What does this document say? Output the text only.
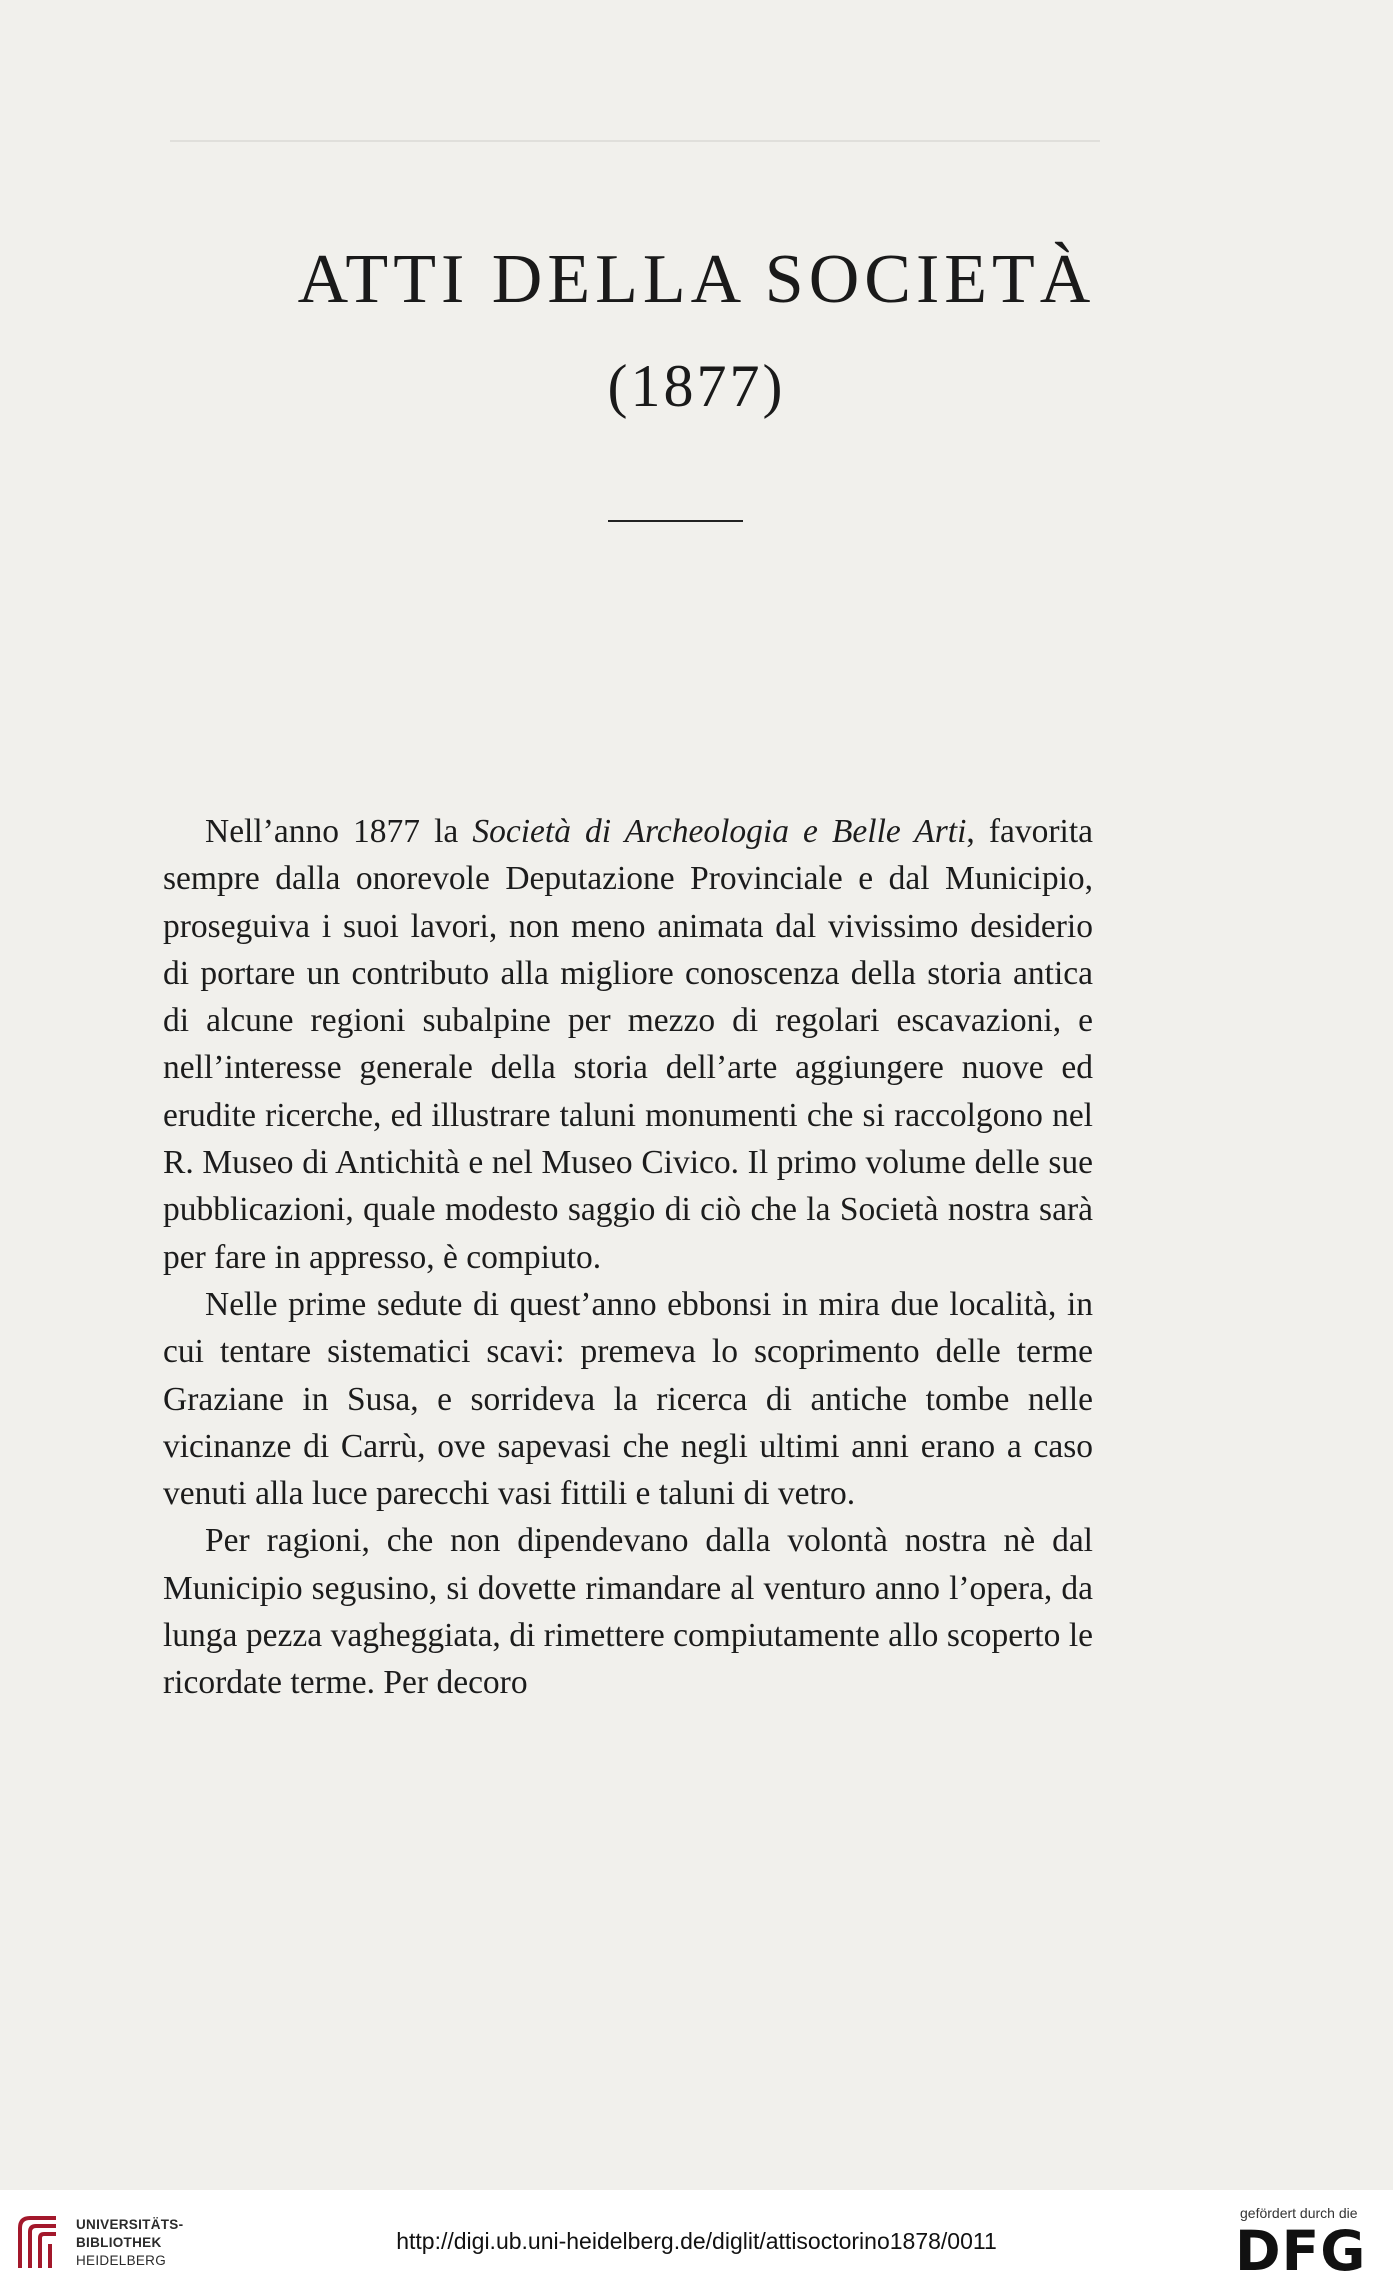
ATTI DELLA SOCIETÀ
(1877)

Nell’anno 1877 la Società di Archeologia e Belle Arti, favorita sempre dalla onorevole Deputazione Provinciale e dal Municipio, proseguiva i suoi lavori, non meno animata dal vivissimo desiderio di portare un contributo alla migliore conoscenza della storia antica di alcune regioni subalpine per mezzo di regolari escavazioni, e nell’interesse generale della storia dell’arte aggiungere nuove ed erudite ricerche, ed illustrare taluni monumenti che si raccolgono nel R. Museo di Antichità e nel Museo Civico. Il primo volume delle sue pubblicazioni, quale modesto saggio di ciò che la Società nostra sarà per fare in appresso, è compiuto.

Nelle prime sedute di quest’anno ebbonsi in mira due località, in cui tentare sistematici scavi: premeva lo scoprimento delle terme Graziane in Susa, e sorrideva la ricerca di antiche tombe nelle vicinanze di Carrù, ove sapevasi che negli ultimi anni erano a caso venuti alla luce parecchi vasi fittili e taluni di vetro.

Per ragioni, che non dipendevano dalla volontà nostra nè dal Municipio segusino, si dovette rimandare al venturo anno l’opera, da lunga pezza vagheggiata, di rimettere compiutamente allo scoperto le ricordate terme. Per decoro

UNIVERSITÄTS-
BIBLIOTHEK
HEIDELBERG
http://digi.ub.uni-heidelberg.de/diglit/attisoctorino1878/0011
gefördert durch die
DFG
